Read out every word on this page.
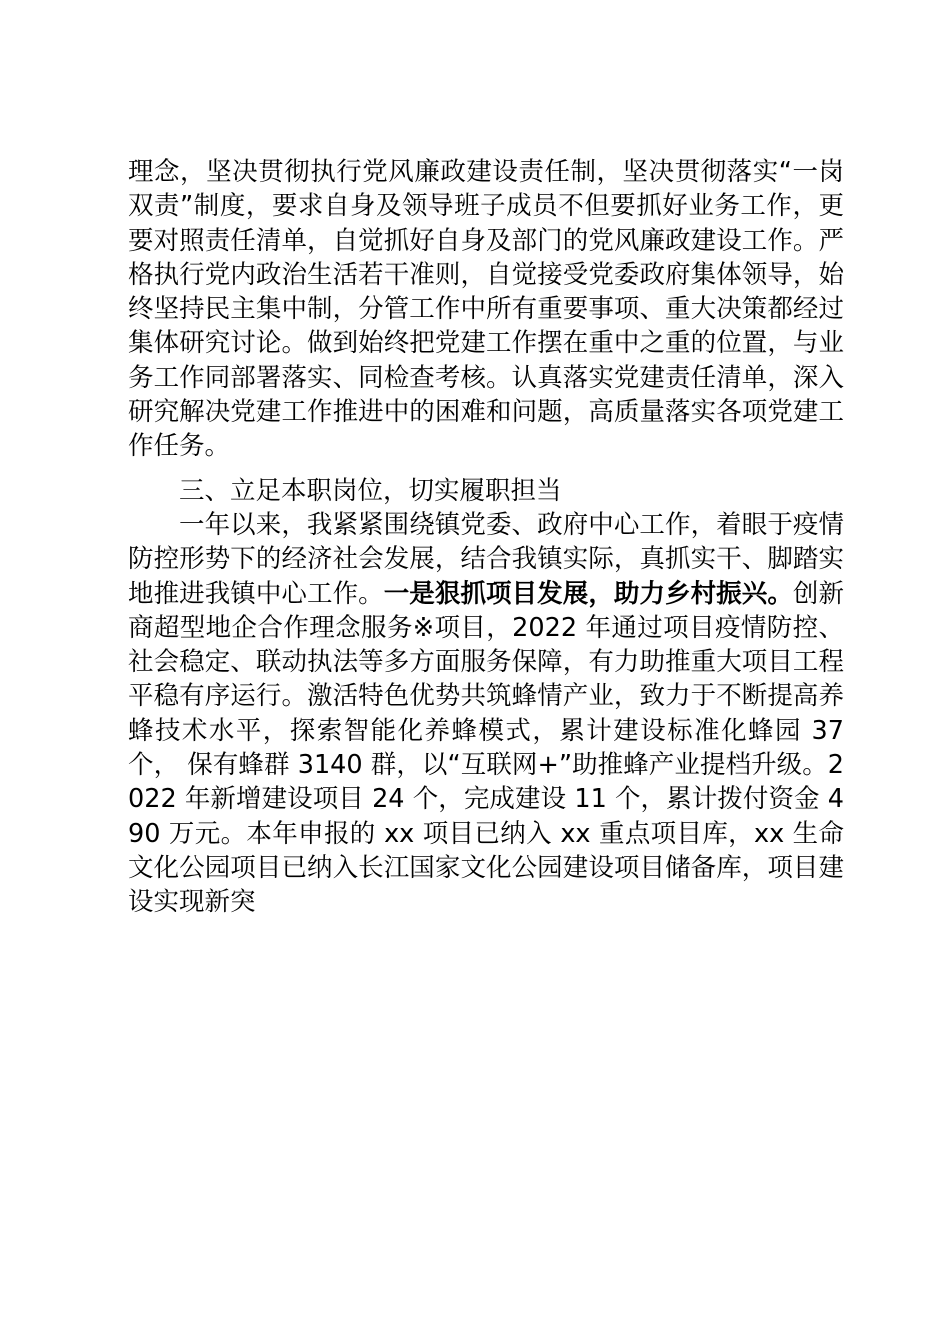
理念，坚决贯彻执行党风廉政建设责任制，坚决贯彻落实“一岗 双责”制度，要求自身及领导班子成员不但要抓好业务工作，更 要对照责任清单，自觉抓好自身及部门的党风廉政建设工作。严格执行党内政治生活若干准则，自觉接受党委政府集体领导，始终坚持民主集中制，分管工作中所有重要事项、重大决策都经过集体研究讨论。做到始终把党建工作摆在重中之重的位置，与业务工作同部署落实、同检查考核。认真落实党建责任清单，深入研究解决党建工作推进中的困难和问题，高质量落实各项党建工作任务。

三、立足本职岗位，切实履职担当

一年以来，我紧紧围绕镇党委、政府中心工作，着眼于疫情防控形势下的经济社会发展，结合我镇实际，真抓实干、脚踏实地推进我镇中心工作。一是狠抓项目发展，助力乡村振兴。创新商超型地企合作理念服务※项目，2022 年通过项目疫情防控、社会稳定、联动执法等多方面服务保障，有力助推重大项目工程平稳有序运行。激活特色优势共筑蜂情产业，致力于不断提高养蜂技术水平，探索智能化养蜂模式，累计建设标准化蜂园 37 个， 保有蜂群 3140 群，以“互联网+”助推蜂产业提档升级。2022 年新增建设项目 24 个，完成建设 11 个，累计拨付资金 490 万元。本年申报的 xx 项目已纳入 xx 重点项目库，xx 生命文化公园项目已纳入长江国家文化公园建设项目储备库，项目建设实现新突
